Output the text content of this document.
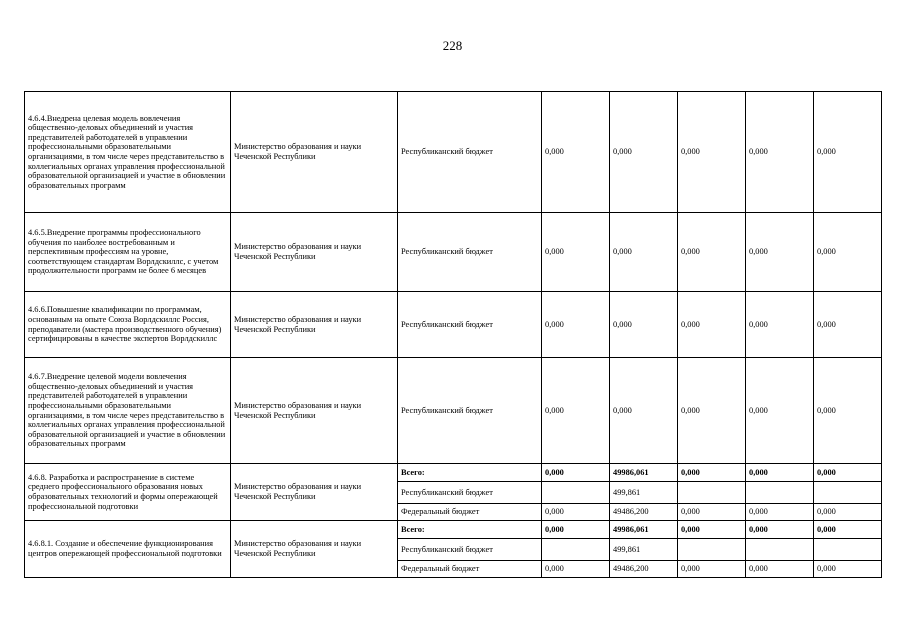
228
4.6.4.Внедрена целевая модель вовлечения общественно-деловых объединений и участия представителей работодателей в управлении профессиональными образовательными организациями, в том числе через представительство в коллегиальных органах управления профессиональной образовательной организацией и участие в обновлении образовательных программ	Министерство образования и науки Чеченской Республики	Республиканский бюджет	0,000	0,000	0,000	0,000	0,000
4.6.5.Внедрение программы профессионального обучения по наиболее востребованным и перспективным профессиям на уровне, соответствующем стандартам Ворлдскиллс, с учетом продолжительности программ не более 6 месяцев	Министерство образования и науки Чеченской Республики	Республиканский бюджет	0,000	0,000	0,000	0,000	0,000
4.6.6.Повышение квалификации по программам, основанным на опыте Союза Ворлдскиллс Россия, преподаватели (мастера производственного обучения) сертифицированы в качестве экспертов Ворлдскиллс	Министерство образования и науки Чеченской Республики	Республиканский бюджет	0,000	0,000	0,000	0,000	0,000
4.6.7.Внедрение целевой модели вовлечения общественно-деловых объединений и участия представителей работодателей в управлении профессиональными образовательными организациями, в том числе через представительство в коллегиальных органах управления профессиональной образовательной организацией и участие в обновлении образовательных программ	Министерство образования и науки Чеченской Республики	Республиканский бюджет	0,000	0,000	0,000	0,000	0,000
4.6.8. Разработка и распространение в системе среднего профессионального образования новых образовательных технологий и формы опережающей профессиональной подготовки	Министерство образования и науки Чеченской Республики	Всего:	0,000	49986,061	0,000	0,000	0,000
		Республиканский бюджет		499,861			
		Федеральный бюджет	0,000	49486,200	0,000	0,000	0,000
4.6.8.1. Создание и обеспечение функционирования центров опережающей профессиональной подготовки	Министерство образования и науки Чеченской Республики	Всего:	0,000	49986,061	0,000	0,000	0,000
		Республиканский бюджет		499,861			
		Федеральный бюджет	0,000	49486,200	0,000	0,000	0,000
